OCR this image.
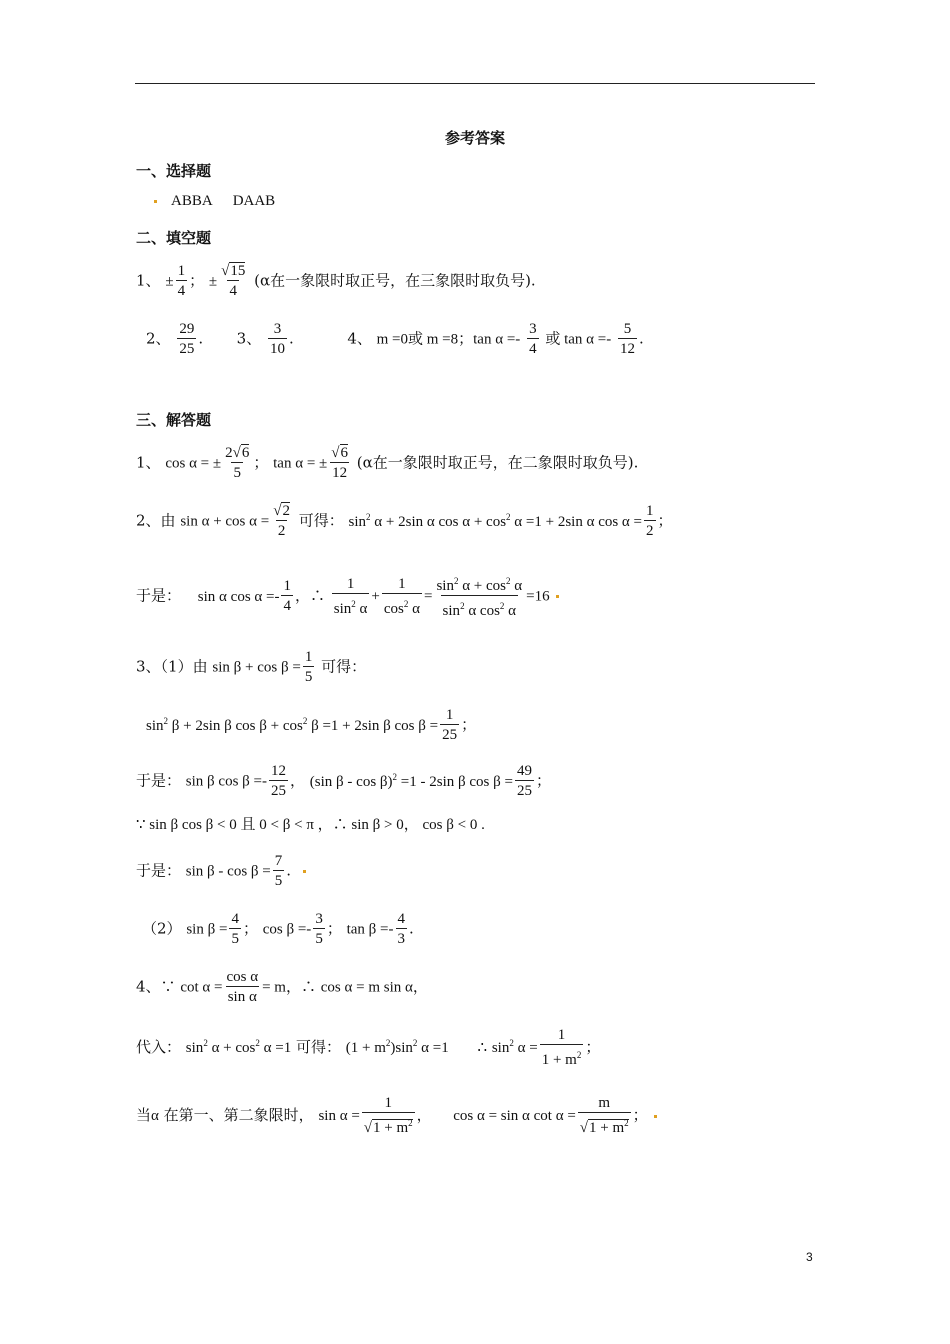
参考答案
一、选择题
ABBA DAAB
二、填空题
1、 ± $\frac{1}{4}$ ； ± $\frac{√15}{4} (\alpha$在一象限时取正号，在三象限时取负号).
2、 $\frac{29}{25}$ .  3、 $\frac{3}{10}$ .	4、 m =0或 m =8；$\tan \alpha =- \frac{3}{4}$ 或 $\tan \alpha =- \frac{5}{12}$ .
三、解答题
1、 cos α = ± $\frac{2√6}{5}$ ； tan α = ± $\frac{√6}{12} (\alpha$在一象限时取正号，在二象限时取负号).
2、由 $\sin \alpha + \cos \alpha = \frac{√2}{2}$ 可得： $\sin^2 \alpha + 2\sin$ α $\cos \alpha + \cos^2 \alpha =1 + 2\sin$ α $\cos \alpha = \frac{1}{2}$ ；
于是： sin α $\cos \alpha =- \frac{1}{4}$ ，∴ $\frac{1}{\sin^2 \alpha} + \frac{1}{\cos^2 \alpha} = \frac{\sin^2 \alpha + \cos^2 \alpha}{\sin^2 \alpha \cos^2 \alpha} =16$
3、（1）由 $\sin \beta + \cos \beta = \frac{1}{5}$ 可得：
$\sin^2 \beta + 2\sin$ β $\cos \beta + \cos^2 \beta =1 + 2\sin$ β $\cos \beta = \frac{1}{25}$ ；
于是： sin β $\cos \beta =- \frac{12}{25}$ ， (sin β - cos β)$^2$ =1 - 2sin β $\cos \beta = \frac{49}{25}$ ；
∵ sin β cos β < 0 且 0 < β < π ，∴ sin β > 0， cos β < 0 .
于是： $\sin \beta - \cos \beta = \frac{7}{5}$ .
（2） $\sin \beta = \frac{4}{5}$ ； $\cos \beta =- \frac{3}{5}$ ； $\tan \beta =- \frac{4}{3}$ .
4、∵ $\cot \alpha = \frac{\text{cos α}}{\text{sin α}} = m$，∴ cos α = m sin α，
代入： $\sin^2 \alpha + \cos^2 \alpha =1$ 可得： $(1 + m^2)\sin^2$ α =1 ∴ $\sin^2 \alpha = \frac{1}{1 + m^2}$ ；
当α 在第一、第二象限时， $\sin \alpha = \frac{1}{√1 + m^2}$ ，  cos α = sin α $\cot \alpha = \frac{m}{√1 + m^2}$ ；
3
